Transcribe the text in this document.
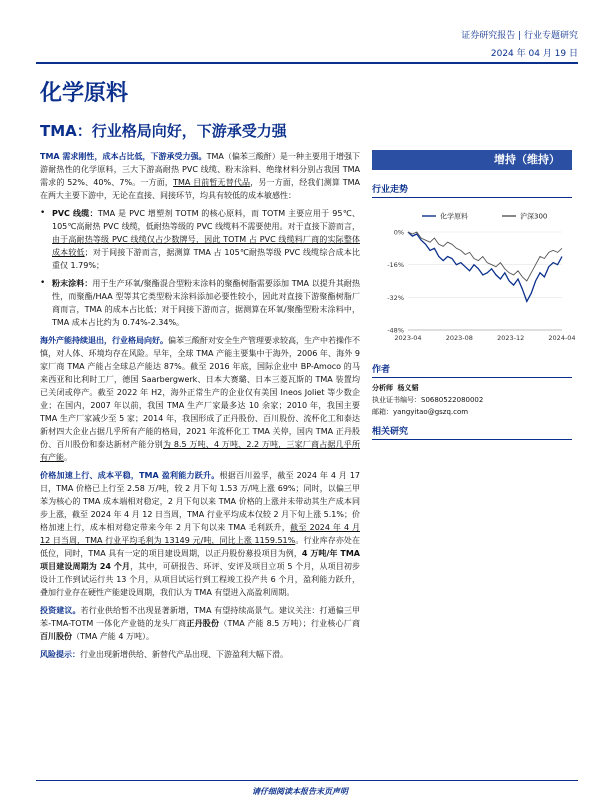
证券研究报告 | 行业专题研究
2024 年 04 月 19 日
化学原料
TMA：行业格局向好，下游承受力强

TMA 需求刚性，成本占比低，下游承受力强。TMA（偏苯三酸酐）是一种主要用于增强下游耐热性的化学原料，三大下游高耐热 PVC 线缆、粉末涂料、绝缘材料分别占我国 TMA 需求的 52%、40%、7%。一方面，TMA 目前暂无替代品，另一方面，经我们测算 TMA 在两大主要下游中，无论在直接、间接环节，均具有较低的成本敏感性：

• PVC 线缆：TMA 是 PVC 增塑剂 TOTM 的核心原料，而 TOTM 主要应用于 95℃、105℃高耐热 PVC 线缆，低耐热等级的 PVC 线缆料不需要使用。对于直接下游而言，由于高耐热等级 PVC 线缆仅占少数牌号，因此 TOTM 占 PVC 线缆料厂商的实际整体成本较低；对于间接下游而言，据测算 TMA 占 105℃耐热等级 PVC 线缆综合成本比重仅 1.79%；

• 粉末涂料：用于生产环氧/聚酯混合型粉末涂料的聚酯树脂需要添加 TMA 以提升其耐热性，而聚酯/HAA 型等其它类型粉末涂料添加必要性较小，因此对直接下游聚酯树脂厂商而言，TMA 的成本占比低；对于间接下游而言，据测算在环氧/聚酯型粉末涂料中，TMA 成本占比约为 0.74%-2.34%。

海外产能持续退出，行业格局向好。偏苯三酸酐对安全生产管理要求较高，生产中若操作不慎，对人体、环境均存在风险。早年，全球 TMA 产能主要集中于海外，2006 年、海外 9 家厂商 TMA 产能占全球总产能达 87%。截至 2016 年底，国际企业中 BP-Amoco 的马来西亚和比利时工厂，德国 Saarbergwerk、日本大赛璐、日本三菱瓦斯的 TMA 装置均已关闭或停产。截至 2022 年 H2，海外正常生产的企业仅有美国 Ineos Joliet 等少数企业；在国内，2007 年以前，我国 TMA 生产厂家最多达 10 余家；2010 年，我国主要 TMA 生产厂家减少至 5 家；2014 年，我国形成了正丹股份、百川股份、流杯化工和泰达新材四大企业占据几乎所有产能的格局，2021 年流杯化工 TMA 关停，国内 TMA 正丹股份、百川股份和泰达新材产能分别为 8.5 万吨、4 万吨、2.2 万吨，三家厂商占据几乎所有产能。

价格加速上行、成本平稳，TMA 盈利能力跃升。根据百川盈孚，截至 2024 年 4 月 17 日，TMA 价格已上行至 2.58 万/吨，较 2 月下旬 1.53 万/吨上涨 69%；同时，以偏三甲苯为核心的 TMA 成本端相对稳定，2 月下旬以来 TMA 价格的上涨并未带动其生产成本同步上涨，截至 2024 年 4 月 12 日当周，TMA 行业平均成本仅较 2 月下旬上涨 5.1%；价格加速上行，成本相对稳定带来今年 2 月下旬以来 TMA 毛利跃升，截至 2024 年 4 月 12 日当周，TMA 行业平均毛利为 13149 元/吨，同比上涨 1159.51%。行业库存亦处在低位，同时，TMA 具有一定的项目建设周期，以正丹股份募投项目为例，4 万吨/年 TMA 项目建设周期为 24 个月，其中，可研报告、环评、安评及项目立项 5 个月，从项目初步设计工作到试运行共 13 个月，从项目试运行到工程竣工投产共 6 个月，盈利能力跃升，叠加行业存在硬性产能建设周期，我们认为 TMA 有望进入高盈利周期。

投资建议。若行业供给暂不出现显著新增，TMA 有望持续高景气。建议关注：打通偏三甲苯-TMA-TOTM 一体化产业链的龙头厂商正丹股份（TMA 产能 8.5 万吨）；行业核心厂商百川股份（TMA 产能 4 万吨）。

风险提示：行业出现新增供给、新替代产品出现、下游盈利大幅下滑。

增持（维持）
行业走势
0%
-16%
-32%
-48%
2023-04	2023-08	2023-12	2024-04
化学原料	沪深300
作者
分析师 杨义韬
执业证书编号：S0680522080002
邮箱：yangyitao@gszq.com
相关研究
请仔细阅读本报告末页声明
